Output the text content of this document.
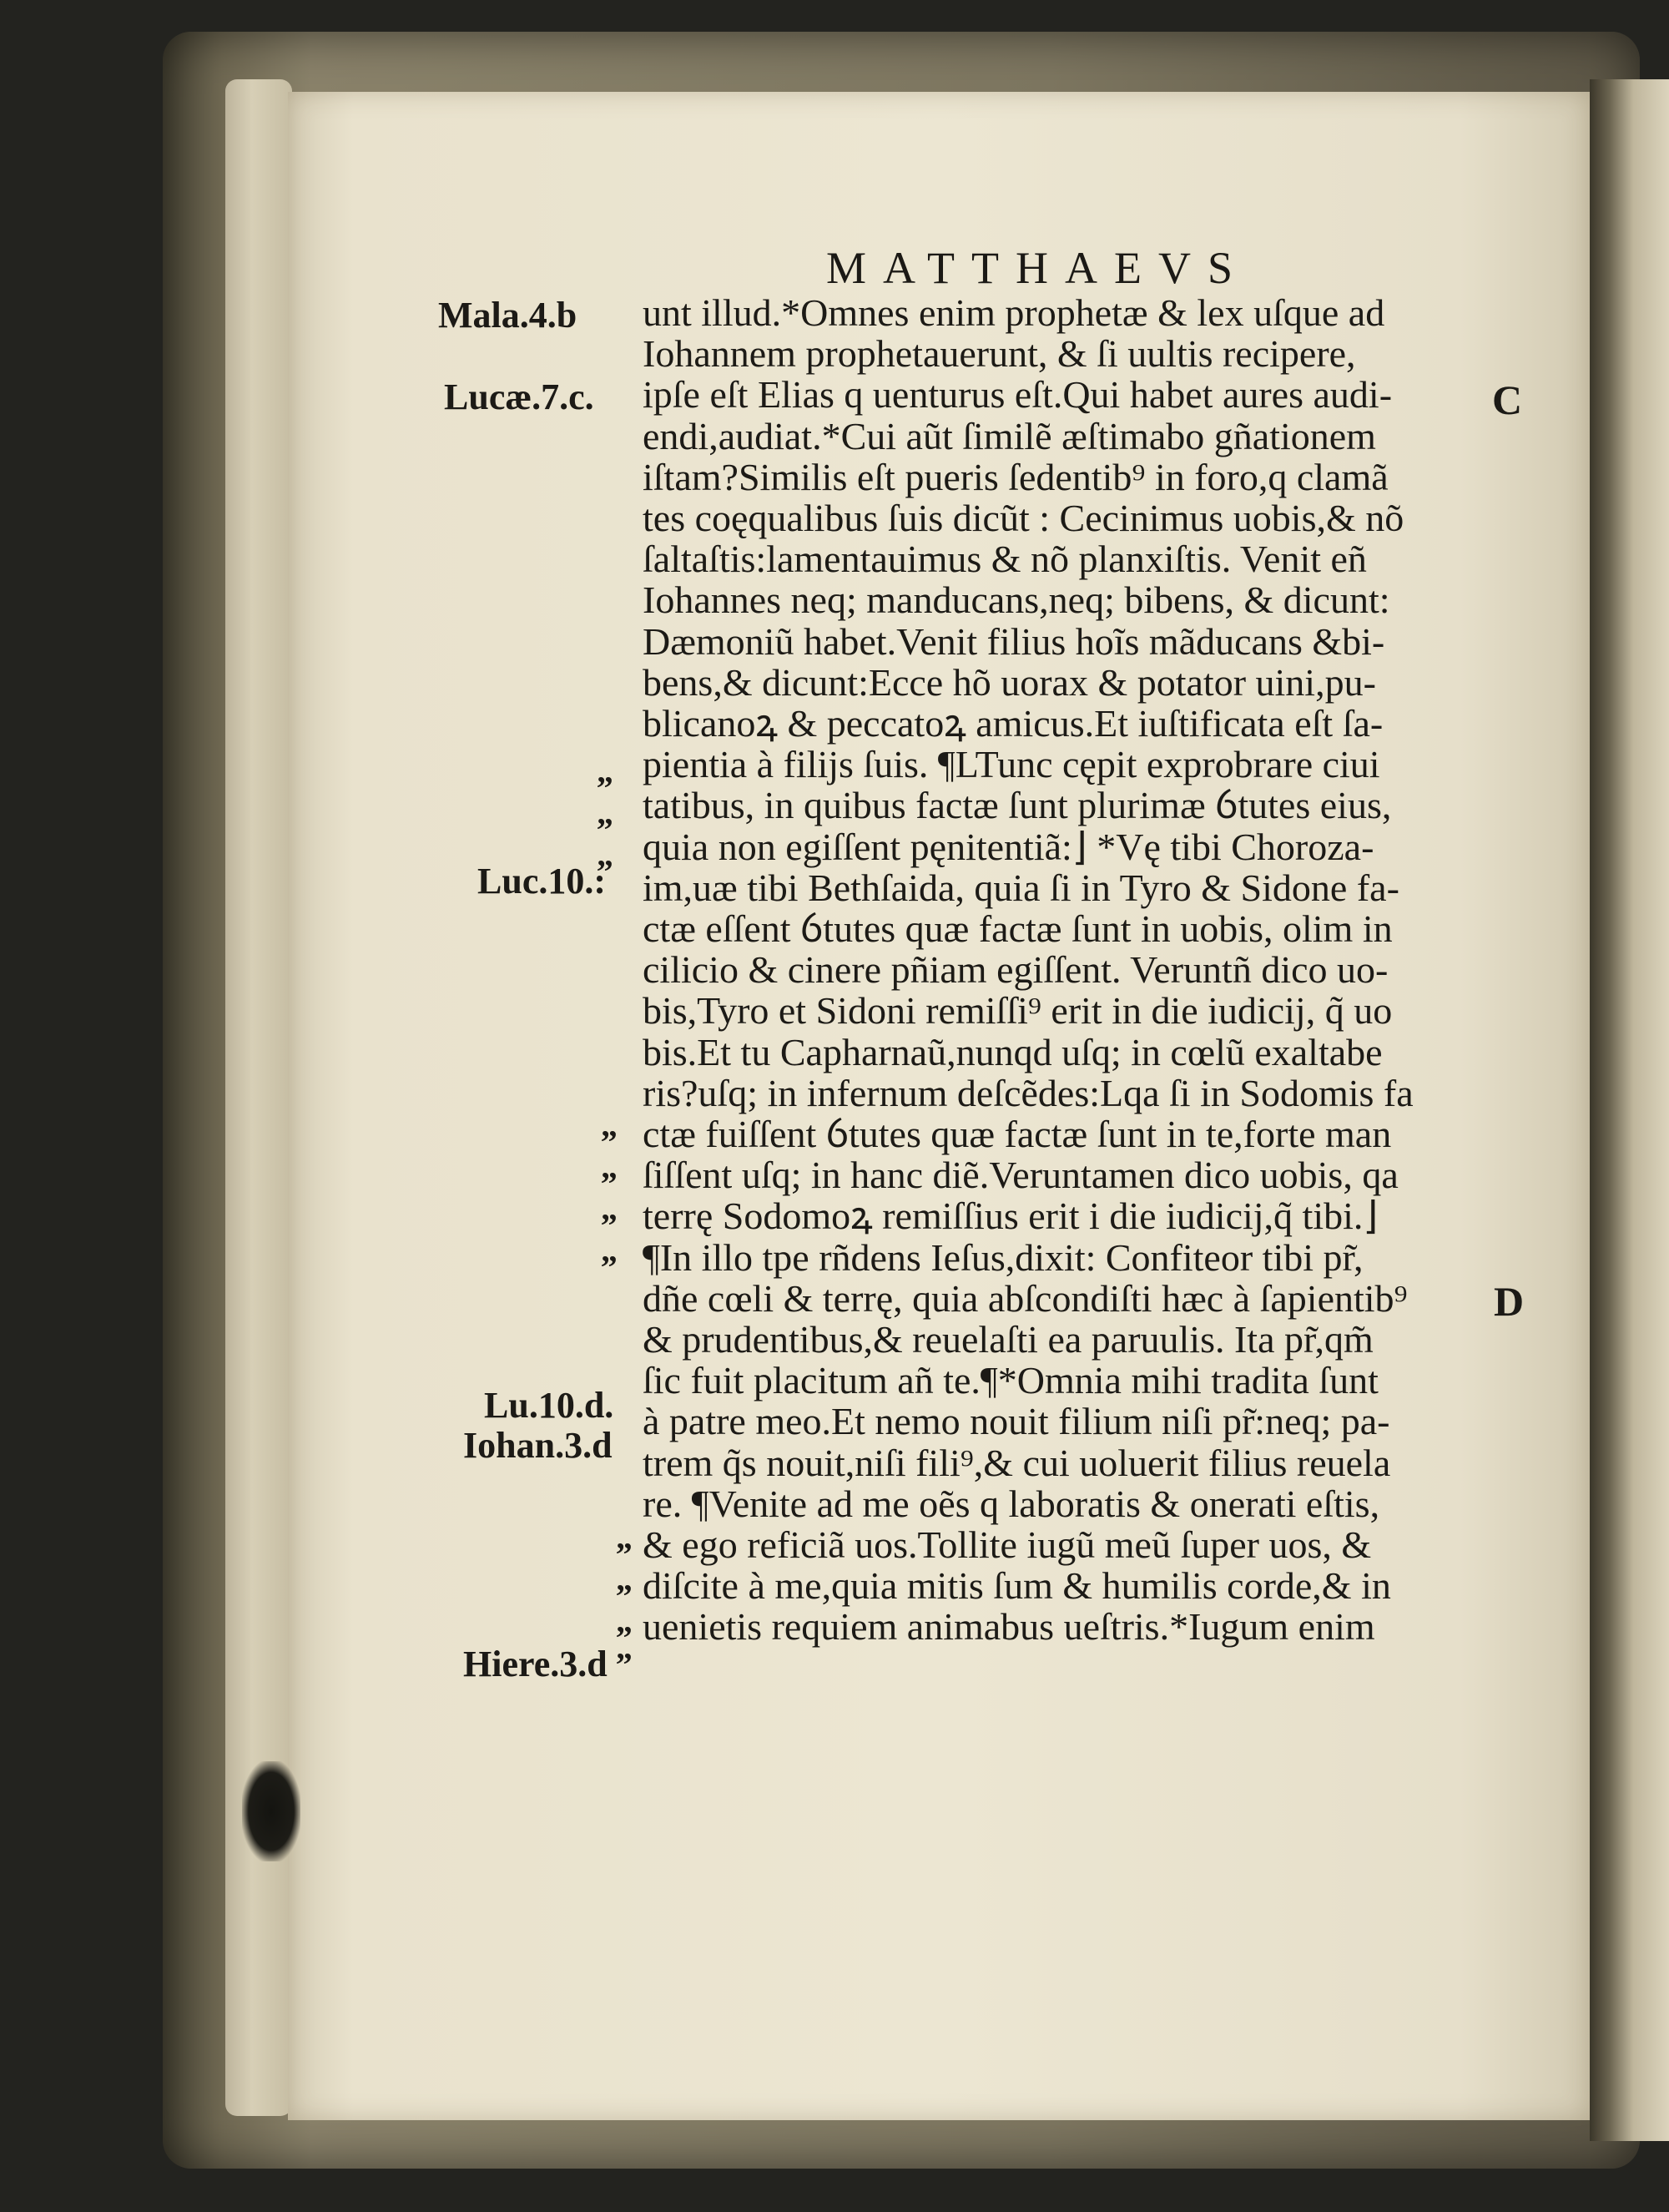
MATTHAEVS
unt illud.*Omnes enim prophetæ & lex uſque ad
Iohannem prophetauerunt, & ſi uultis recipere,
ipſe eſt Elias q uenturus eſt.Qui habet aures audi-
endi,audiat.*Cui aũt ſimilẽ æſtimabo gñationem
iſtam?Similis eſt pueris ſedentib⁹ in foro,q clamã
tes coęqualibus ſuis dicũt : Cecinimus uobis,& nõ
ſaltaſtis:lamentauimus & nõ planxiſtis. Venit eñ
Iohannes neq; manducans,neq; bibens, & dicunt:
Dæmoniũ habet.Venit filius hoĩs mãducans &bi-
bens,& dicunt:Ecce hõ uorax & potator uini,pu-
blicanoꝝ & peccatoꝝ amicus.Et iuſtificata eſt ſa-
pientia à filijs ſuis. ¶LTunc cępit exprobrare ciui
tatibus, in quibus factæ ſunt plurimæ ỽtutes eius,
quia non egiſſent pęnitentiã:⌋ *Vę tibi Choroza-
im,uæ tibi Bethſaida, quia ſi in Tyro & Sidone fa-
ctæ eſſent ỽtutes quæ factæ ſunt in uobis, olim in
cilicio & cinere pñiam egiſſent. Veruntñ dico uo-
bis,Tyro et Sidoni remiſſi⁹ erit in die iudicij, q̃ uo
bis.Et tu Capharnaũ,nunqd uſq; in cœlũ exaltabe
ris?uſq; in infernum deſcẽdes:Lqa ſi in Sodomis fa
ctæ fuiſſent ỽtutes quæ factæ ſunt in te,forte man
ſiſſent uſq; in hanc diẽ.Veruntamen dico uobis, qa
terrę Sodomoꝝ remiſſius erit i die iudicij,q̃ tibi.⌋
¶In illo tpe rñdens Ieſus,dixit: Confiteor tibi pr̃,
dñe cœli & terrę, quia abſcondiſti hæc à ſapientib⁹
& prudentibus,& reuelaſti ea paruulis. Ita pr̃,qm̃
ſic fuit placitum añ te.¶*Omnia mihi tradita ſunt
à patre meo.Et nemo nouit filium niſi pr̃:neq; pa-
trem q̃s nouit,niſi fili⁹,& cui uoluerit filius reuela
re. ¶Venite ad me oẽs q laboratis & onerati eſtis,
& ego reficiã uos.Tollite iugũ meũ ſuper uos, &
diſcite à me,quia mitis ſum & humilis corde,& in
uenietis requiem animabus ueſtris.*Iugum enim
Mala.4.b
Lucæ.7.c.
Luc.10.:
Lu.10.d.
Iohan.3.d
Hiere.3.d
„
„
„
„
„
„
„
„
„
„
„
C
D
